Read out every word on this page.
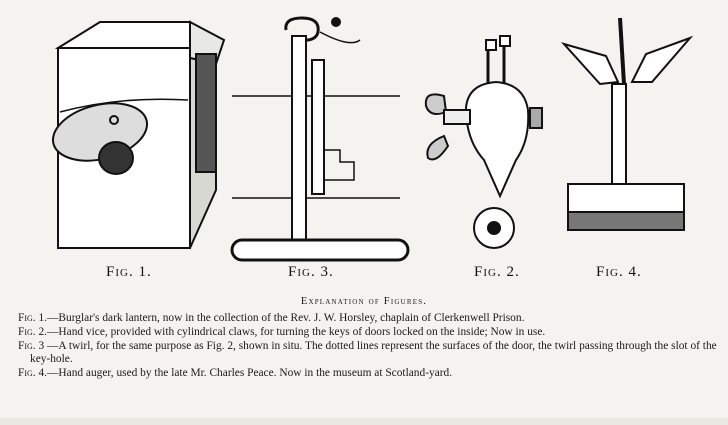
Fig. 1.	Fig. 3.	Fig. 2.	Fig. 4.
Explanation of Figures.

Fig. 1.—Burglar's dark lantern, now in the collection of the Rev. J. W. Horsley, chaplain of Clerkenwell Prison.

Fig. 2.—Hand vice, provided with cylindrical claws, for turning the keys of doors locked on the inside; Now in use.

Fig. 3 —A twirl, for the same purpose as Fig. 2, shown in situ. The dotted lines represent the surfaces of the door, the twirl passing through the slot of the key-hole.

Fig. 4.—Hand auger, used by the late Mr. Charles Peace. Now in the museum at Scotland-yard.
